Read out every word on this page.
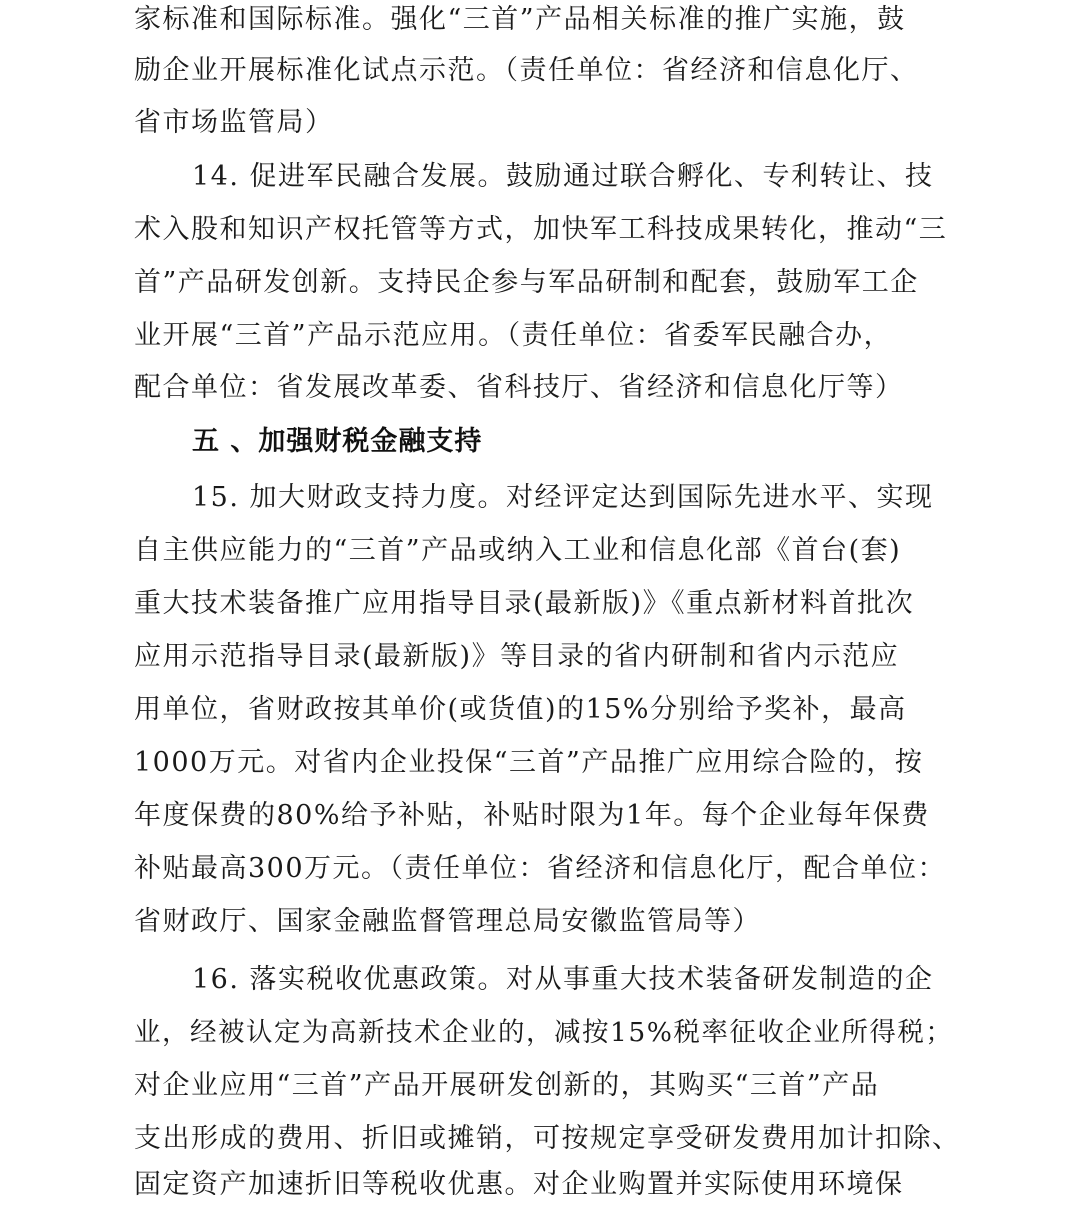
家标准和国际标准。强化“三首”产品相关标准的推广实施，鼓
励企业开展标准化试点示范。（责任单位：省经济和信息化厅、
省市场监管局）
14. 促进军民融合发展。鼓励通过联合孵化、专利转让、技
术入股和知识产权托管等方式，加快军工科技成果转化，推动“三
首”产品研发创新。支持民企参与军品研制和配套，鼓励军工企
业开展“三首”产品示范应用。（责任单位：省委军民融合办，
配合单位：省发展改革委、省科技厅、省经济和信息化厅等）
五 、加强财税金融支持
15. 加大财政支持力度。对经评定达到国际先进水平、实现
自主供应能力的“三首”产品或纳入工业和信息化部《首台(套)
重大技术装备推广应用指导目录(最新版)》《重点新材料首批次
应用示范指导目录(最新版)》等目录的省内研制和省内示范应
用单位，省财政按其单价(或货值)的15%分别给予奖补，最高
1000万元。对省内企业投保“三首”产品推广应用综合险的，按
年度保费的80%给予补贴，补贴时限为1年。每个企业每年保费
补贴最高300万元。（责任单位：省经济和信息化厅，配合单位：
省财政厅、国家金融监督管理总局安徽监管局等）
16. 落实税收优惠政策。对从事重大技术装备研发制造的企
业，经被认定为高新技术企业的，减按15%税率征收企业所得税；
对企业应用“三首”产品开展研发创新的，其购买“三首”产品
支出形成的费用、折旧或摊销，可按规定享受研发费用加计扣除、
固定资产加速折旧等税收优惠。对企业购置并实际使用环境保
